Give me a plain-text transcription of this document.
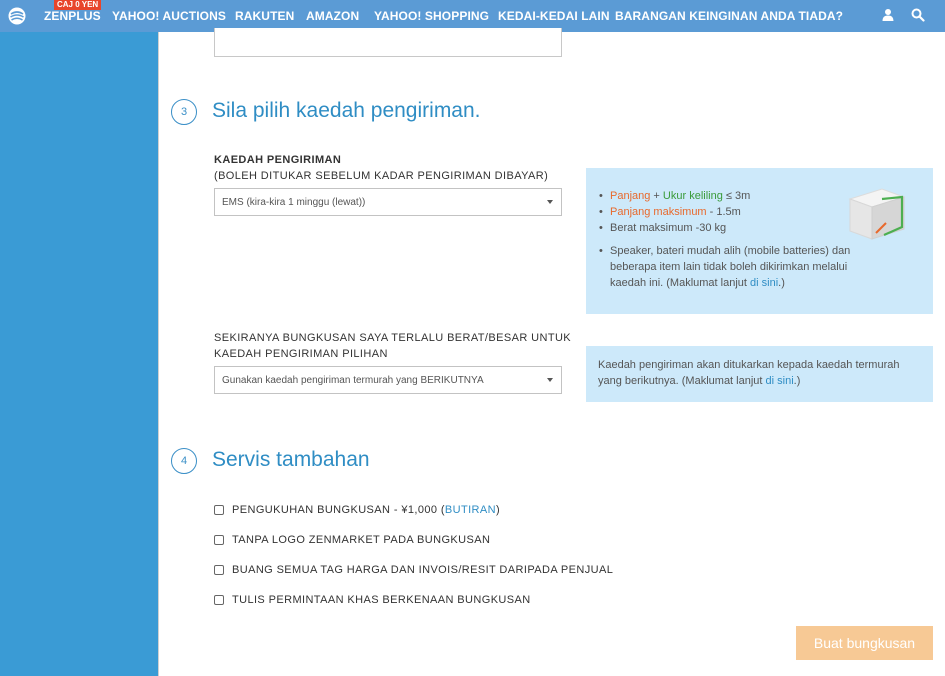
CAJ 0 YEN
ZENPLUS YAHOO! AUCTIONS RAKUTEN AMAZON YAHOO! SHOPPING KEDAI-KEDAI LAIN BARANGAN KEINGINAN ANDA TIADA?
3	Sila pilih kaedah pengiriman.
KAEDAH PENGIRIMAN
(BOLEH DITUKAR SEBELUM KADAR PENGIRIMAN DIBAYAR)
EMS (kira-kira 1 minggu (lewat))
•	Panjang + Ukur keliling ≤ 3m
• Panjang maksimum - 1.5m
• Berat maksimum -30 kg
• Speaker, bateri mudah alih (mobile batteries) dan beberapa item lain tidak boleh dikirimkan melalui kaedah ini. (Maklumat lanjut di sini.)
SEKIRANYA BUNGKUSAN SAYA TERLALU BERAT/BESAR UNTUK
KAEDAH PENGIRIMAN PILIHAN
Gunakan kaedah pengiriman termurah yang BERIKUTNYA
Kaedah pengiriman akan ditukarkan kepada kaedah termurah yang berikutnya. (Maklumat lanjut di sini.)
4	Servis tambahan
PENGUKUHAN BUNGKUSAN - ¥1,000 ( BUTIRAN )
TANPA LOGO ZENMARKET PADA BUNGKUSAN
BUANG SEMUA TAG HARGA DAN INVOIS/RESIT DARIPADA PENJUAL
TULIS PERMINTAAN KHAS BERKENAAN BUNGKUSAN
Buat bungkusan
